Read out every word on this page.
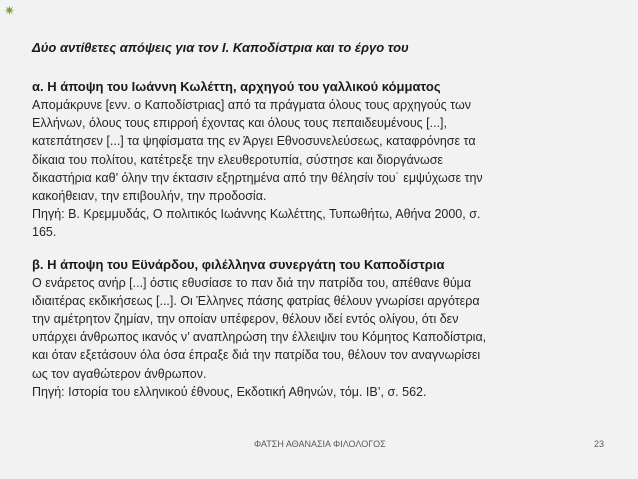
✷
Δύο αντίθετες απόψεις για τον Ι. Καποδίστρια και το έργο του
α. Η άποψη του Ιωάννη Κωλέττη, αρχηγού του γαλλικού κόμματος
Απομάκρυνε [ενν. ο Καποδίστριας] από τα πράγματα όλους τους αρχηγούς των
Ελλήνων, όλους τους επιρροή έχοντας και όλους τους πεπαιδευμένους [...],
κατεπάτησεν [...] τα ψηφίσματα της εν Άργει Εθνοσυνελεύσεως, καταφρόνησε τα
δίκαια του πολίτου, κατέτρεξε την ελευθεροτυπία, σύστησε και διοργάνωσε
δικαστήρια καθ’ όλην την έκτασιν εξηρτημένα από την θέλησίν του˙ εμψύχωσε την
κακοήθειαν, την επιβουλήν, την προδοσία.
Πηγή: Β. Κρεμμυδάς, Ο πολιτικός Ιωάννης Κωλέττης, Τυπωθήτω, Αθήνα 2000, σ.
165.
β. Η άποψη του Εϋνάρδου, φιλέλληνα συνεργάτη του Καποδίστρια
Ο ενάρετος ανήρ [...] όστις εθυσίασε το παν διά την πατρίδα του, απέθανε θύμα
ιδιαιτέρας εκδικήσεως [...]. Οι Έλληνες πάσης φατρίας θέλουν γνωρίσει αργότερα
την αμέτρητον ζημίαν, την οποίαν υπέφερον, θέλουν ιδεί εντός ολίγου, ότι δεν
υπάρχει άνθρωπος ικανός ν’ αναπληρώση την έλλειψιν του Κόμητος Καποδίστρια,
και όταν εξετάσουν όλα όσα έπραξε διά την πατρίδα του, θέλουν τον αναγνωρίσει
ως τον αγαθώτερον άνθρωπον.
Πηγή: Ιστορία του ελληνικού έθνους, Εκδοτική Αθηνών, τόμ. ΙΒ’, σ. 562.
ΦΑΤΣΗ ΑΘΑΝΑΣΙΑ ΦΙΛΟΛΟΓΟΣ	23
